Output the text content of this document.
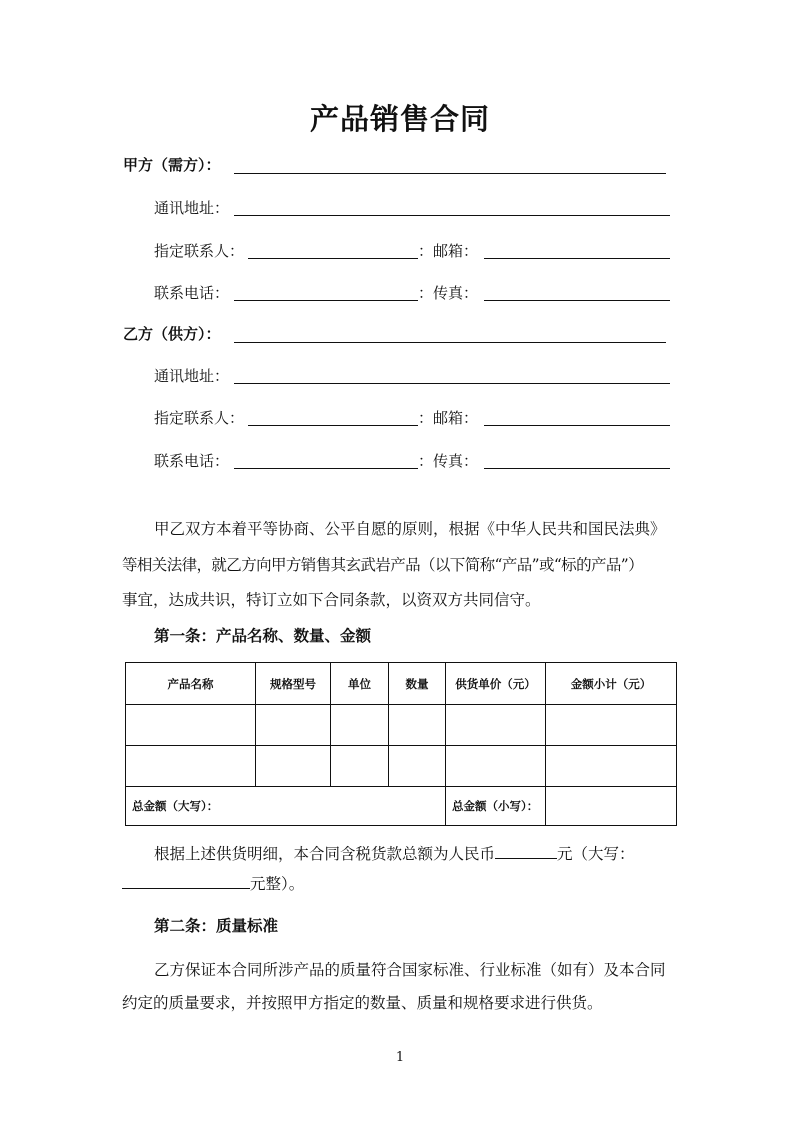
产品销售合同
甲方（需方）：
通讯地址：
指定联系人：	：邮箱：
联系电话：	：传真：
乙方（供方）：
通讯地址：
指定联系人：	：邮箱：
联系电话：	：传真：
甲乙双方本着平等协商、公平自愿的原则，根据《中华人民共和国民法典》
等相关法律，就乙方向甲方销售其玄武岩产品（以下简称“产品”或“标的产品”）
事宜，达成共识，特订立如下合同条款，以资双方共同信守。
第一条：产品名称、数量、金额
产品名称	规格型号	单位	数量	供货单价（元）	金额小计（元）

总金额（大写）：				总金额（小写）：	
根据上述供货明细，本合同含税货款总额为人民币	元（大写：
元整）。
第二条：质量标准
乙方保证本合同所涉产品的质量符合国家标准、行业标准（如有）及本合同
约定的质量要求，并按照甲方指定的数量、质量和规格要求进行供货。
1
